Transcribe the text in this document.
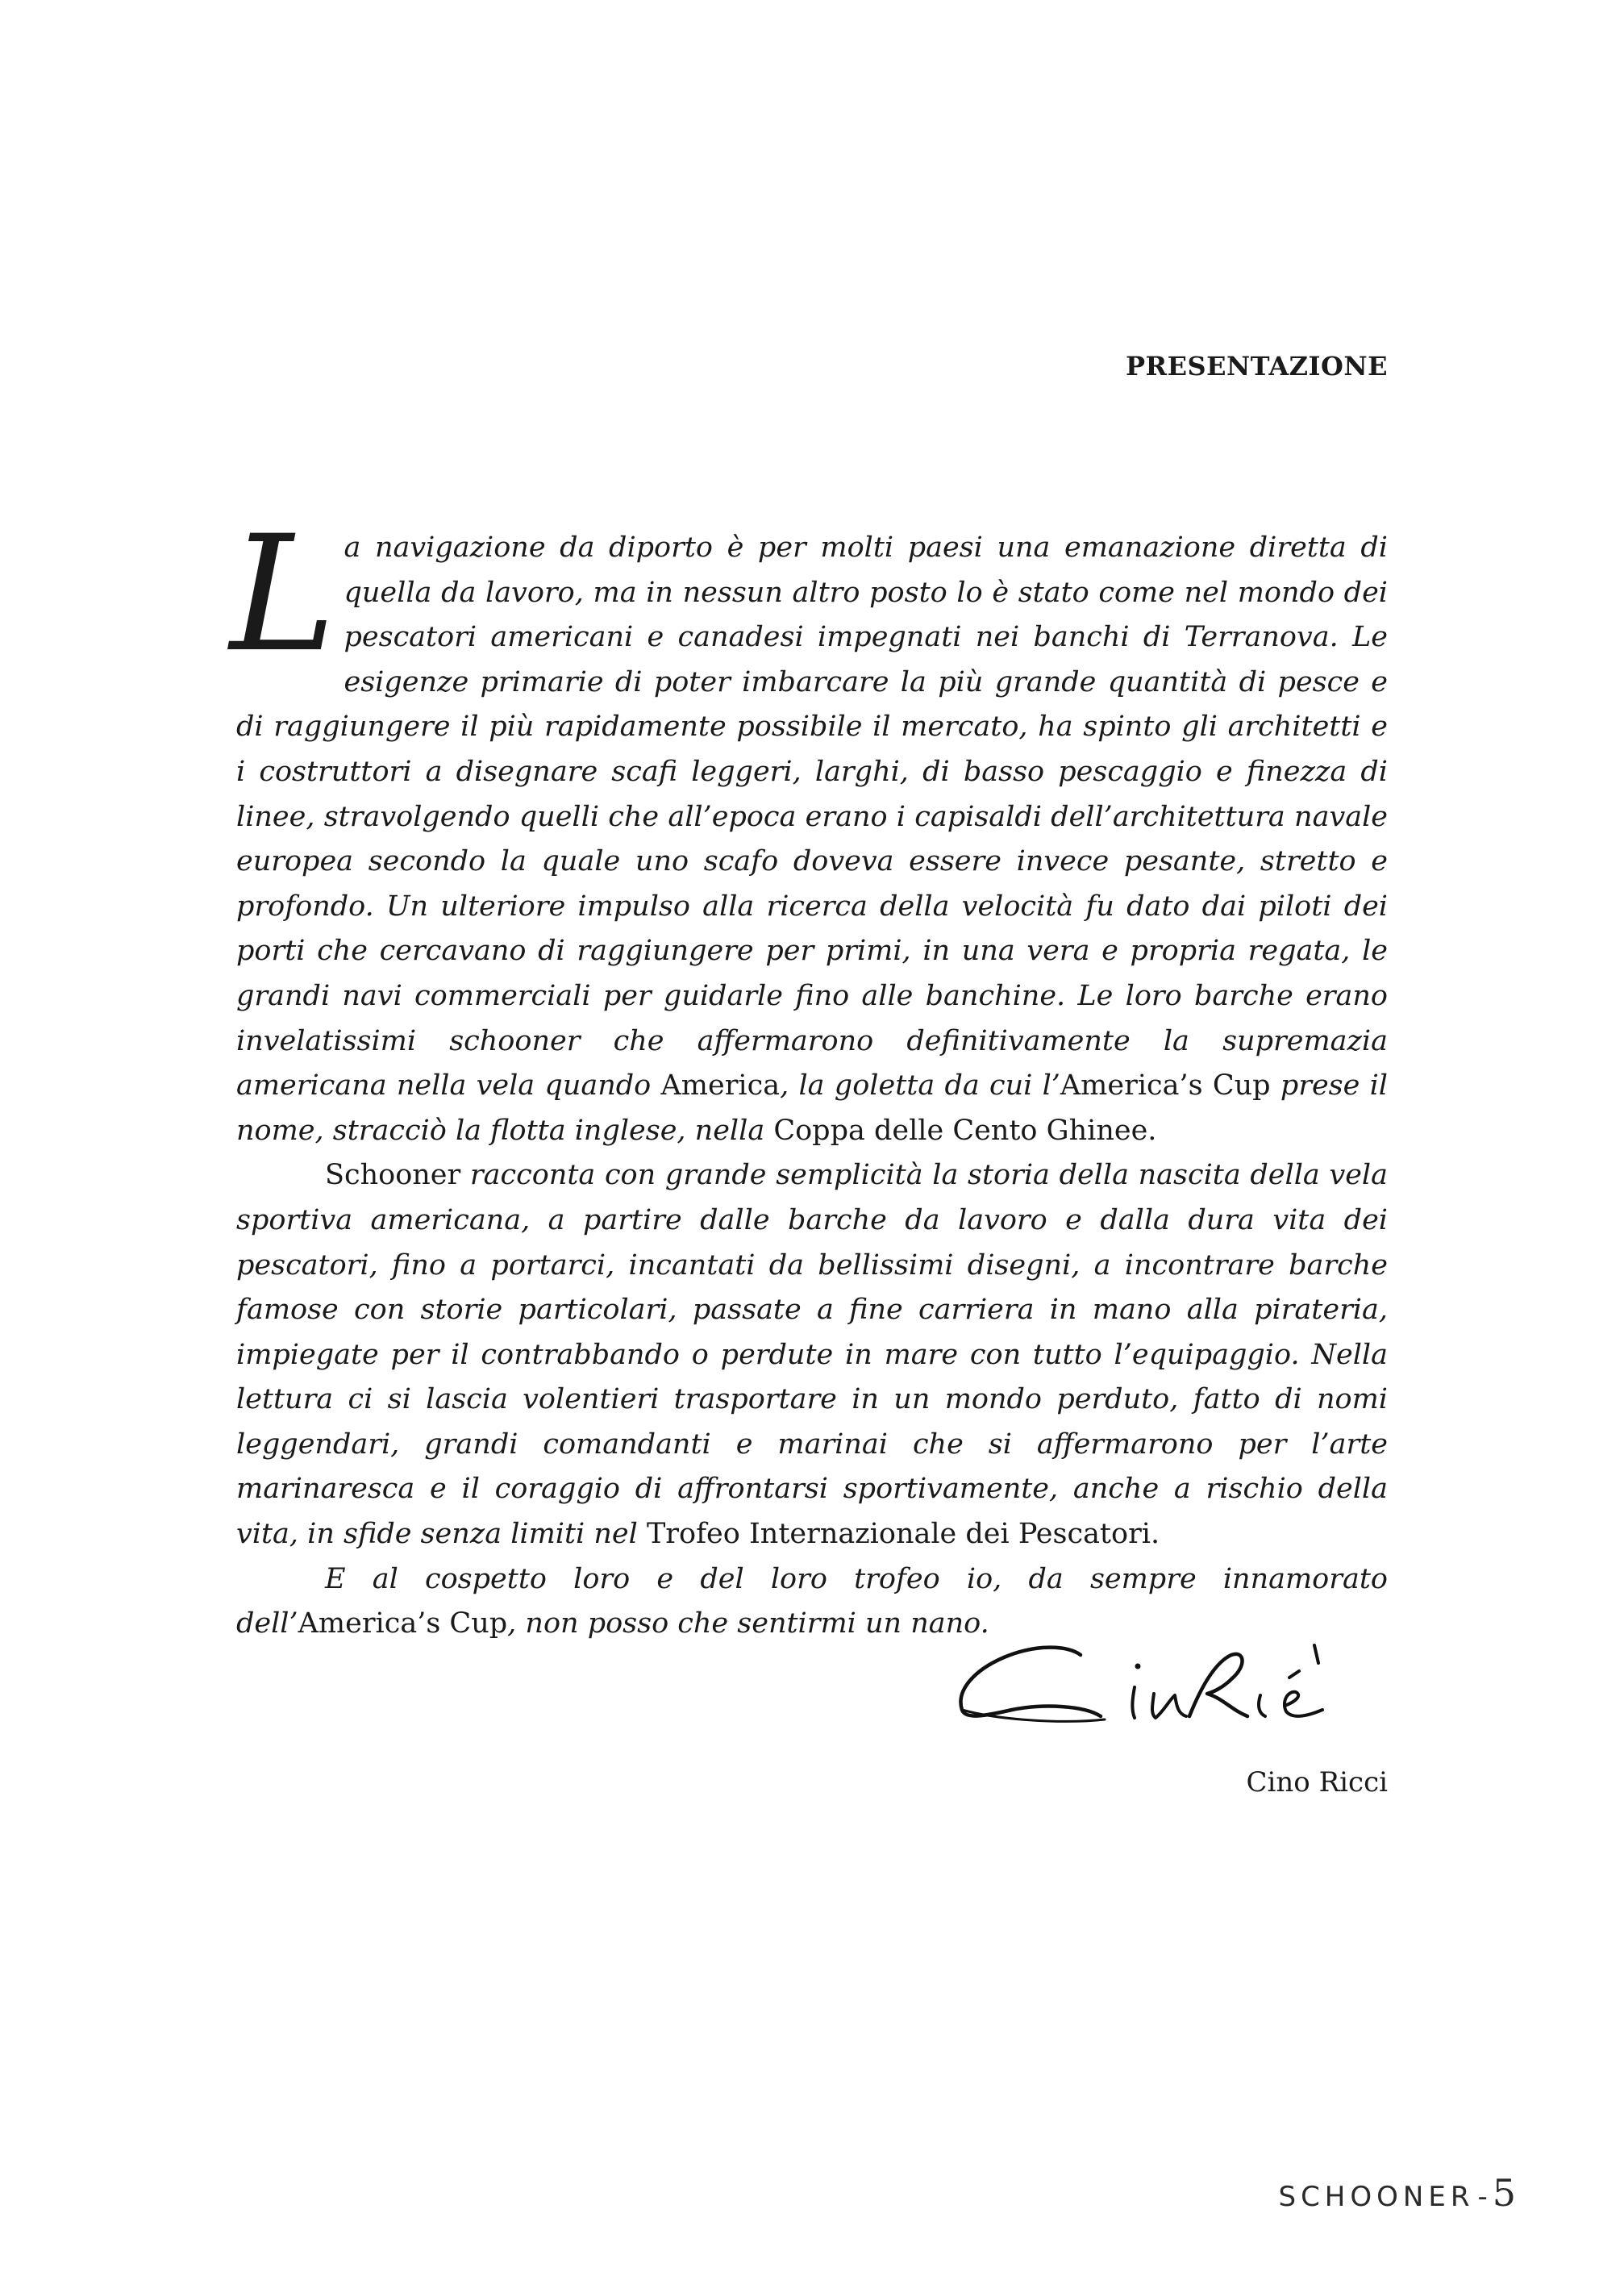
PRESENTAZIONE

La navigazione da diporto è per molti paesi una emanazione diretta di quella da lavoro, ma in nessun altro posto lo è stato come nel mondo dei pescatori americani e canadesi impegnati nei banchi di Terranova. Le esigenze primarie di poter imbarcare la più grande quantità di pesce e di raggiungere il più rapidamente possibile il mercato, ha spinto gli architetti e i costruttori a disegnare scafi leggeri, larghi, di basso pescaggio e finezza di linee, stravolgendo quelli che all’epoca erano i capisaldi dell’architettura navale europea secondo la quale uno scafo doveva essere invece pesante, stretto e profondo. Un ulteriore impulso alla ricerca della velocità fu dato dai piloti dei porti che cercavano di raggiungere per primi, in una vera e propria regata, le grandi navi commerciali per guidarle fino alle banchine. Le loro barche erano invelatissimi schooner che affermarono definitivamente la supremazia americana nella vela quando America, la goletta da cui l’America’s Cup prese il nome, stracciò la flotta inglese, nella Coppa delle Cento Ghinee.

Schooner racconta con grande semplicità la storia della nascita della vela sportiva americana, a partire dalle barche da lavoro e dalla dura vita dei pescatori, fino a portarci, incantati da bellissimi disegni, a incontrare barche famose con storie particolari, passate a fine carriera in mano alla pirateria, impiegate per il contrabbando o perdute in mare con tutto l’equipaggio. Nella lettura ci si lascia volentieri trasportare in un mondo perduto, fatto di nomi leggendari, grandi comandanti e marinai che si affermarono per l’arte marinaresca e il coraggio di affrontarsi sportivamente, anche a rischio della vita, in sfide senza limiti nel Trofeo Internazionale dei Pescatori.

E al cospetto loro e del loro trofeo io, da sempre innamorato dell’America’s Cup, non posso che sentirmi un nano.

Cino Ricci

SCHOONER - 5
